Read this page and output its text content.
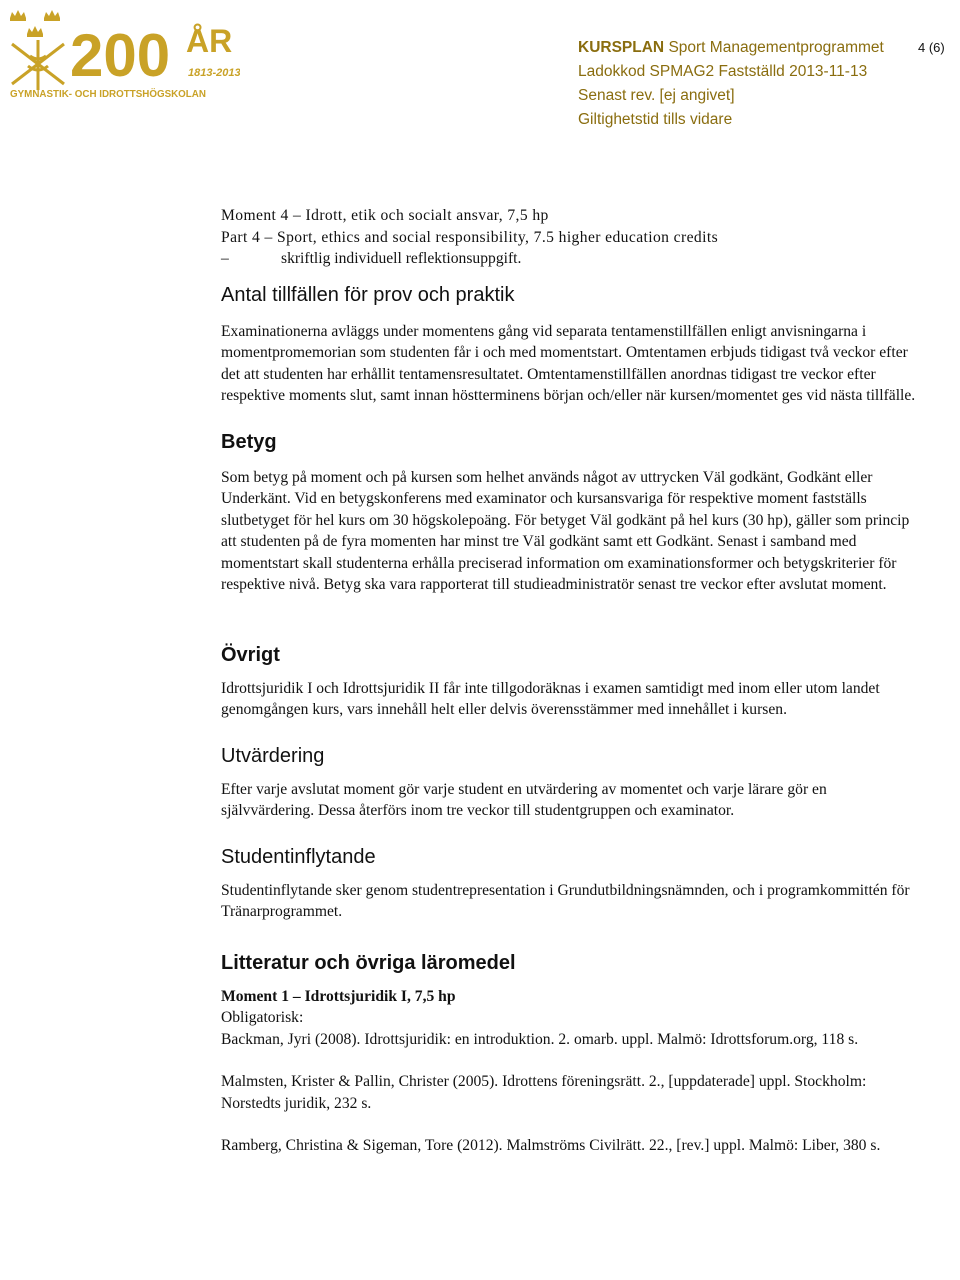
200 ÅR
1813-2013
GYMNASTIK- OCH IDROTTSHÖGSKOLAN
KURSPLAN Sport Managementprogrammet
Ladokkod SPMAG2 Fastställd 2013-11-13
Senast rev. [ej angivet]
Giltighetstid tills vidare
4 (6)

Moment 4 – Idrott, etik och socialt ansvar, 7,5 hp

Part 4 – Sport, ethics and social responsibility, 7.5 higher education credits

–	skriftlig individuell reflektionsuppgift.

Antal tillfällen för prov och praktik

Examinationerna avläggs under momentens gång vid separata tentamenstillfällen enligt anvisningarna i momentpromemorian som studenten får i och med momentstart. Omtentamen erbjuds tidigast två veckor efter det att studenten har erhållit tentamensresultatet. Omtentamenstillfällen anordnas tidigast tre veckor efter respektive moments slut, samt innan höstterminens början och/eller när kursen/momentet ges vid nästa tillfälle.

Betyg

Som betyg på moment och på kursen som helhet används något av uttrycken Väl godkänt, Godkänt eller Underkänt. Vid en betygskonferens med examinator och kursansvariga för respektive moment fastställs slutbetyget för hel kurs om 30 högskolepoäng. För betyget Väl godkänt på hel kurs (30 hp), gäller som princip att studenten på de fyra momenten har minst tre Väl godkänt samt ett Godkänt. Senast i samband med momentstart skall studenterna erhålla preciserad information om examinationsformer och betygskriterier för respektive nivå. Betyg ska vara rapporterat till studieadministratör senast tre veckor efter avslutat moment.

Övrigt

Idrottsjuridik I och Idrottsjuridik II får inte tillgodoräknas i examen samtidigt med inom eller utom landet genomgången kurs, vars innehåll helt eller delvis överensstämmer med innehållet i kursen.

Utvärdering

Efter varje avslutat moment gör varje student en utvärdering av momentet och varje lärare gör en självvärdering. Dessa återförs inom tre veckor till studentgruppen och examinator.

Studentinflytande

Studentinflytande sker genom studentrepresentation i Grundutbildningsnämnden, och i programkommittén för Tränarprogrammet.

Litteratur och övriga läromedel

Moment 1 – Idrottsjuridik I, 7,5 hp

Obligatorisk:

Backman, Jyri (2008). Idrottsjuridik: en introduktion. 2. omarb. uppl. Malmö: Idrottsforum.org, 118 s.

Malmsten, Krister & Pallin, Christer (2005). Idrottens föreningsrätt. 2., [uppdaterade] uppl. Stockholm: Norstedts juridik, 232 s.

Ramberg, Christina & Sigeman, Tore (2012). Malmströms Civilrätt. 22., [rev.] uppl. Malmö: Liber, 380 s.
